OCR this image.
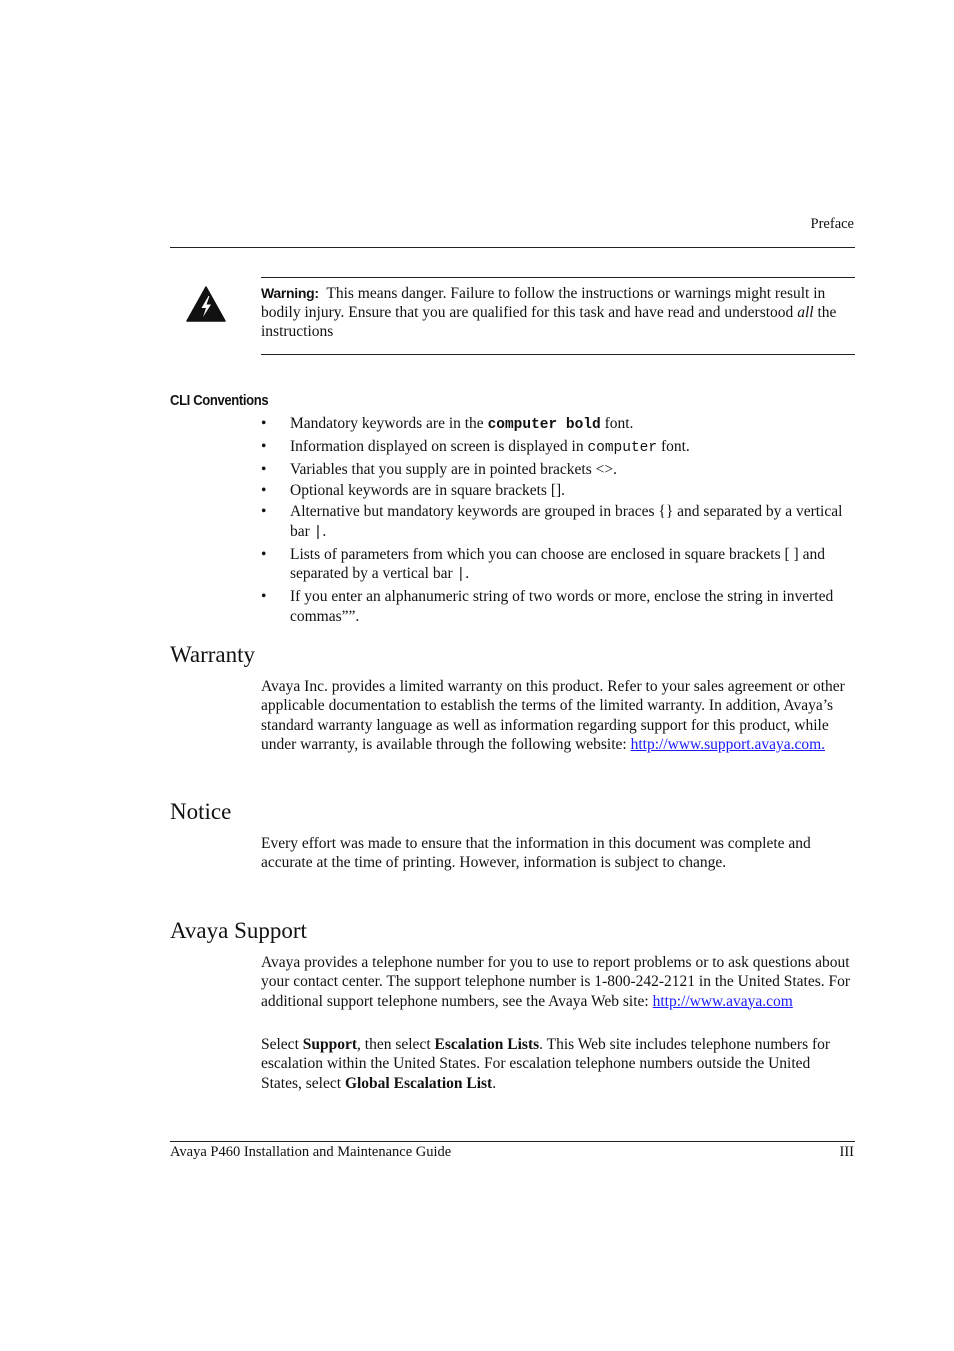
Preface
Warning: This means danger. Failure to follow the instructions or warnings might result in bodily injury. Ensure that you are qualified for this task and have read and understood all the instructions
CLI Conventions
• Mandatory keywords are in the computer bold font.
• Information displayed on screen is displayed in computer font.
• Variables that you supply are in pointed brackets <>.
• Optional keywords are in square brackets [].
• Alternative but mandatory keywords are grouped in braces {} and separated by a vertical bar |.
• Lists of parameters from which you can choose are enclosed in square brackets [ ] and separated by a vertical bar |.
• If you enter an alphanumeric string of two words or more, enclose the string in inverted commas””.
Warranty
Avaya Inc. provides a limited warranty on this product. Refer to your sales agreement or other applicable documentation to establish the terms of the limited warranty. In addition, Avaya’s standard warranty language as well as information regarding support for this product, while under warranty, is available through the following website: http://www.support.avaya.com.
Notice
Every effort was made to ensure that the information in this document was complete and accurate at the time of printing. However, information is subject to change.
Avaya Support
Avaya provides a telephone number for you to use to report problems or to ask questions about your contact center. The support telephone number is 1-800-242-2121 in the United States. For additional support telephone numbers, see the Avaya Web site: http://www.avaya.com
Select Support, then select Escalation Lists. This Web site includes telephone numbers for escalation within the United States. For escalation telephone numbers outside the United States, select Global Escalation List.
Avaya P460 Installation and Maintenance Guide	III
